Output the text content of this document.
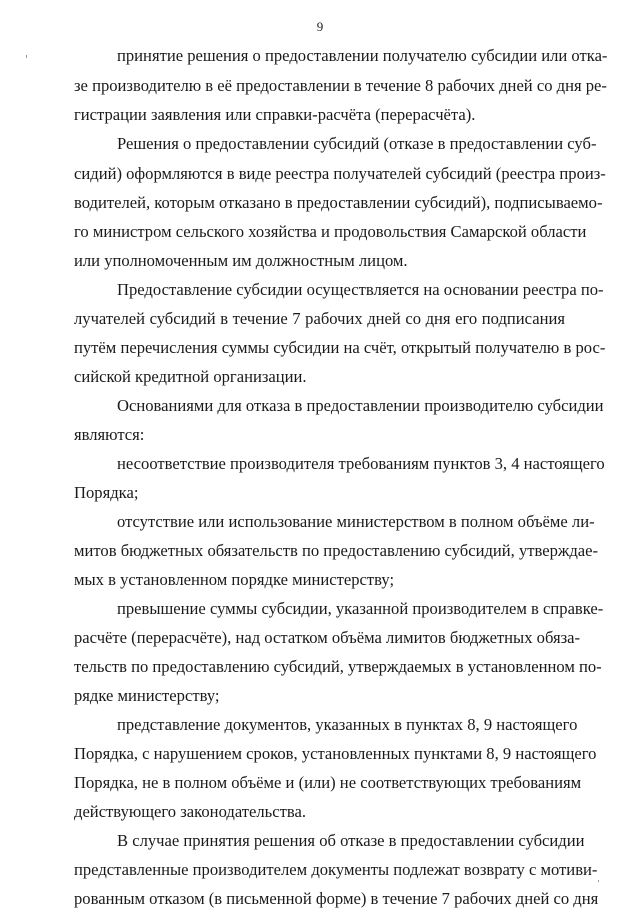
9
принятие решения о предоставлении получателю субсидии или отка-
зе производителю в её предоставлении в течение 8 рабочих дней со дня ре-
гистрации заявления или справки-расчёта (перерасчёта).
Решения о предоставлении субсидий (отказе в предоставлении суб-
сидий) оформляются в виде реестра получателей субсидий (реестра произ-
водителей, которым отказано в предоставлении субсидий), подписываемо-
го министром сельского хозяйства и продовольствия Самарской области
или уполномоченным им должностным лицом.
Предоставление субсидии осуществляется на основании реестра по-
лучателей субсидий в течение 7 рабочих дней со дня его подписания
путём перечисления суммы субсидии на счёт, открытый получателю в рос-
сийской кредитной организации.
Основаниями для отказа в предоставлении производителю субсидии
являются:
несоответствие производителя требованиям пунктов 3, 4 настоящего
Порядка;
отсутствие или использование министерством в полном объёме ли-
митов бюджетных обязательств по предоставлению субсидий, утверждае-
мых в установленном порядке министерству;
превышение суммы субсидии, указанной производителем в справке-
расчёте (перерасчёте), над остатком объёма лимитов бюджетных обяза-
тельств по предоставлению субсидий, утверждаемых в установленном по-
рядке министерству;
представление документов, указанных в пунктах 8, 9 настоящего
Порядка, с нарушением сроков, установленных пунктами 8, 9 настоящего
Порядка, не в полном объёме и (или) не соответствующих требованиям
действующего законодательства.
В случае принятия решения об отказе в предоставлении субсидии
представленные производителем документы подлежат возврату с мотиви-
рованным отказом (в письменной форме) в течение 7 рабочих дней со дня
